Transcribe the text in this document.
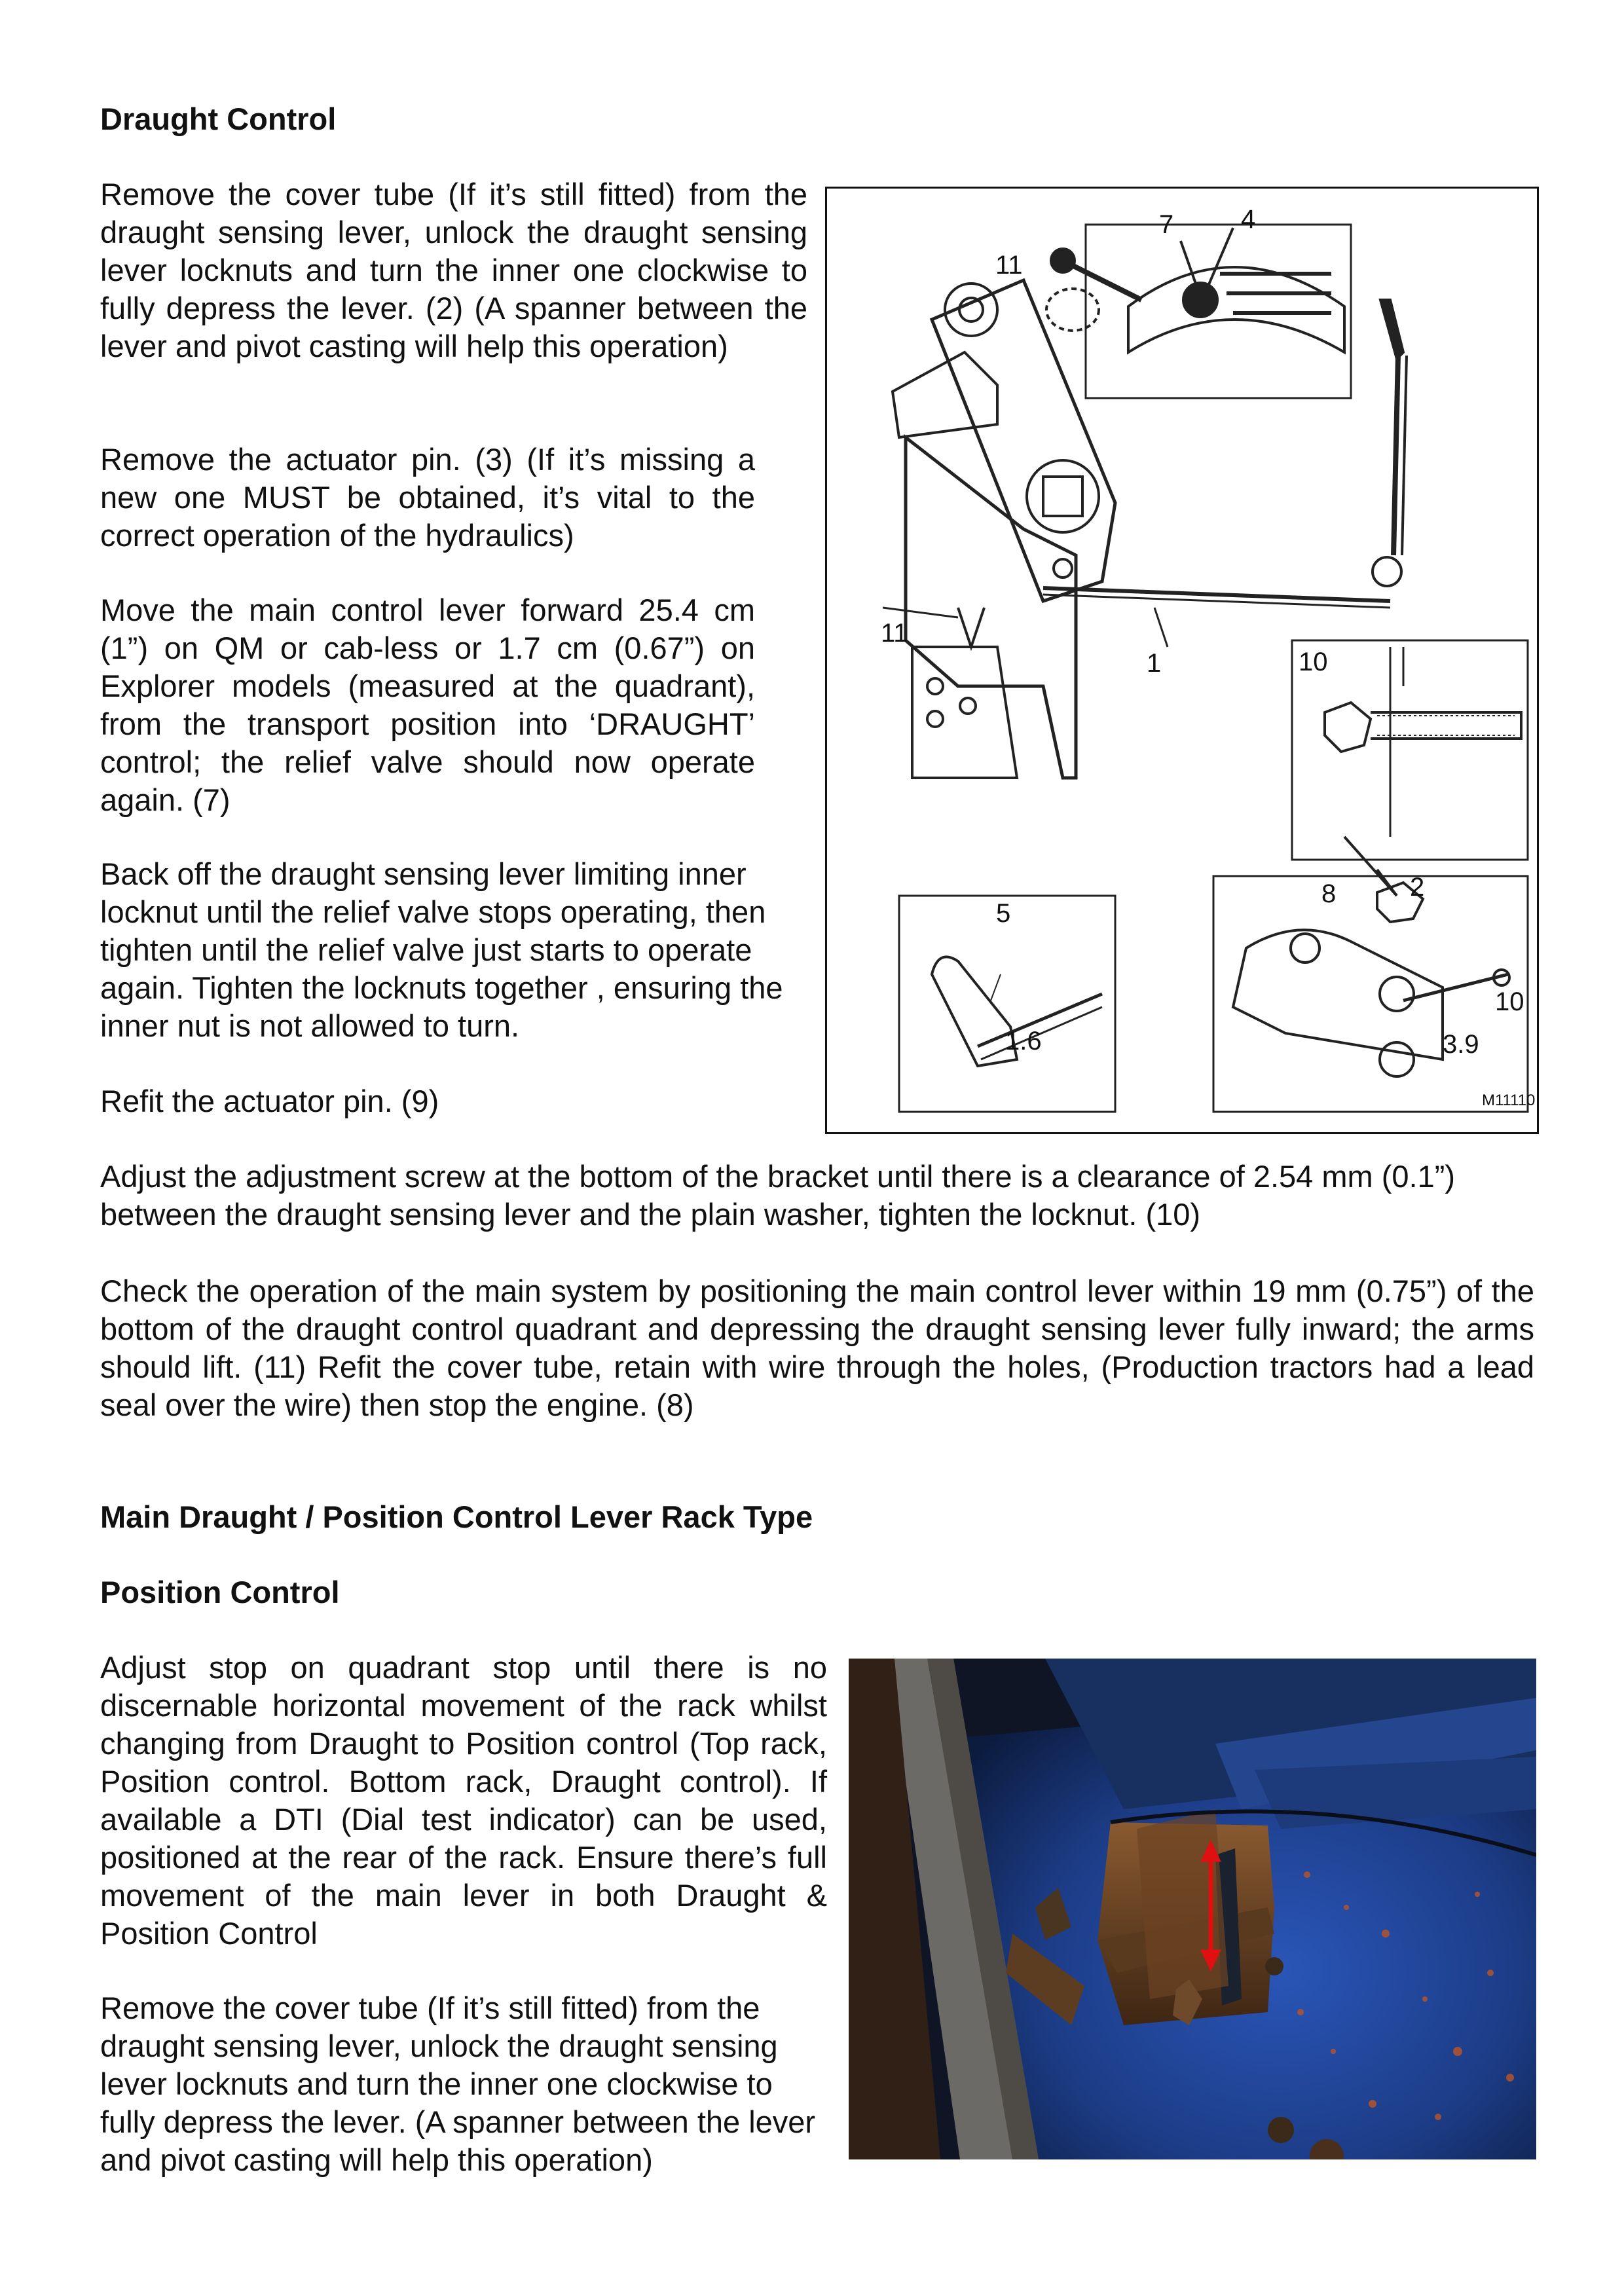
Draught Control

Remove the cover tube (If it’s still fitted) from the draught sensing lever, unlock the draught sensing lever locknuts and turn the inner one clockwise to fully depress the lever. (2) (A spanner between the lever and pivot casting will help this operation)

Remove the actuator pin. (3) (If it’s missing a new one MUST be obtained, it’s vital to the correct operation of the hydraulics)

Move the main control lever forward 25.4 cm (1”) on QM or cab-less or 1.7 cm (0.67”) on Explorer models (measured at the quadrant), from the transport position into ‘DRAUGHT’ control; the relief valve should now operate again. (7)

Back off the draught sensing lever limiting inner locknut until the relief valve stops operating, then tighten until the relief valve just starts to operate again. Tighten the locknuts together , ensuring the inner nut is not allowed to turn.

Refit the actuator pin. (9)

7	4
11
11
1	10
8	2
5
1.6
10
3.9
M11110

Adjust the adjustment screw at the bottom of the bracket until there is a clearance of 2.54 mm (0.1”) between the draught sensing lever and the plain washer, tighten the locknut. (10)

Check the operation of the main system by positioning the main control lever within 19 mm (0.75”) of the bottom of the draught control quadrant and depressing the draught sensing lever fully inward; the arms should lift. (11) Refit the cover tube, retain with wire through the holes, (Production tractors had a lead seal over the wire) then stop the engine. (8)

Main Draught / Position Control Lever Rack Type
Position Control

Adjust stop on quadrant stop until there is no discernable horizontal movement of the rack whilst changing from Draught to Position control (Top rack, Position control. Bottom rack, Draught control). If available a DTI (Dial test indicator) can be used, positioned at the rear of the rack. Ensure there’s full movement of the main lever in both Draught & Position Control

Remove the cover tube (If it’s still fitted) from the draught sensing lever, unlock the draught sensing lever locknuts and turn the inner one clockwise to fully depress the lever. (A spanner between the lever and pivot casting will help this operation)
